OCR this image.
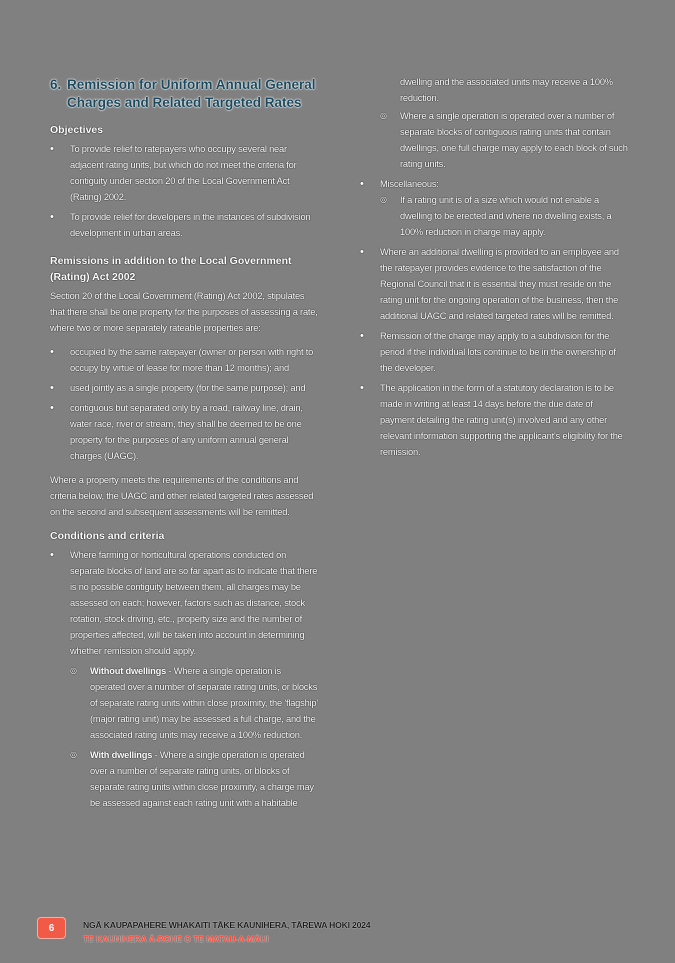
6. Remission for Uniform Annual General Charges and Related Targeted Rates
Objectives
•	To provide relief to ratepayers who occupy several near adjacent rating units, but which do not meet the criteria for contiguity under section 20 of the Local Government Act (Rating) 2002.
•	To provide relief for developers in the instances of subdivision development in urban areas.
Remissions in addition to the Local Government (Rating) Act 2002

Section 20 of the Local Government (Rating) Act 2002, stipulates that there shall be one property for the purposes of assessing a rate, where two or more separately rateable properties are:

•	occupied by the same ratepayer (owner or person with right to occupy by virtue of lease for more than 12 months); and
•	used jointly as a single property (for the same purpose); and
•	contiguous but separated only by a road, railway line, drain, water race, river or stream, they shall be deemed to be one property for the purposes of any uniform annual general charges (UAGC).

Where a property meets the requirements of the conditions and criteria below, the UAGC and other related targeted rates assessed on the second and subsequent assessments will be remitted.

Conditions and criteria
•	Where farming or horticultural operations conducted on separate blocks of land are so far apart as to indicate that there is no possible contiguity between them, all charges may be assessed on each; however, factors such as distance, stock rotation, stock driving, etc., property size and the number of properties affected, will be taken into account in determining whether remission should apply.
◎	Without dwellings - Where a single operation is operated over a number of separate rating units, or blocks of separate rating units within close proximity, the 'flagship' (major rating unit) may be assessed a full charge, and the associated rating units may receive a 100% reduction.
◎	With dwellings - Where a single operation is operated over a number of separate rating units, or blocks of separate rating units within close proximity, a charge may be assessed against each rating unit with a habitable
dwelling and the associated units may receive a 100% reduction.
◎	Where a single operation is operated over a number of separate blocks of contiguous rating units that contain dwellings, one full charge may apply to each block of such rating units.
•	Miscellaneous:
◎	If a rating unit is of a size which would not enable a dwelling to be erected and where no dwelling exists, a 100% reduction in charge may apply.
•	Where an additional dwelling is provided to an employee and the ratepayer provides evidence to the satisfaction of the Regional Council that it is essential they must reside on the rating unit for the ongoing operation of the business, then the additional UAGC and related targeted rates will be remitted.
•	Remission of the charge may apply to a subdivision for the period if the individual lots continue to be in the ownership of the developer.
•	The application in the form of a statutory declaration is to be made in writing at least 14 days before the due date of payment detailing the rating unit(s) involved and any other relevant information supporting the applicant's eligibility for the remission.
6	NGĀ KAUPAPAHERE WHAKAITI TĀKE KAUNIHERA, TĀREWA HOKI 2024
TE KAUNIHERA Ā-ROHE O TE MATAU-A-MĀUI
